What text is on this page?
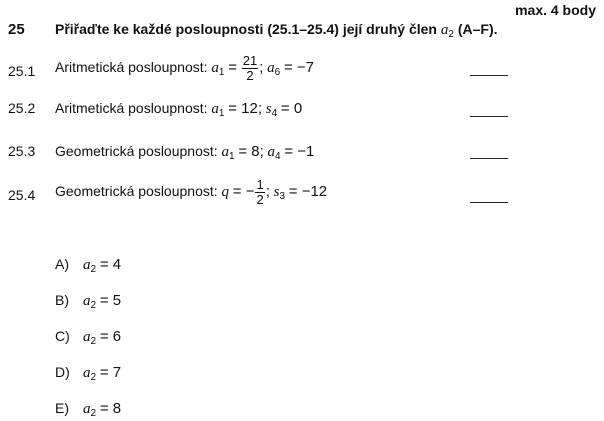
max. 4 body
25 Přiřaďte ke každé posloupnosti (25.1–25.4) její druhý člen $a_2$ (A–F).
25.1 Aritmetická posloupnost: $a_1 = \frac{21}{2}$ ; $a_6 = -7$
25.2 Aritmetická posloupnost: $a_1 = 12$; $s_4 = 0$
25.3 Geometrická posloupnost: $a_1 = 8$; $a_4 = -1$
25.4 Geometrická posloupnost: q = − $\frac{1}{2}$ ; $s_3 = -12$
A) $a_2 = 4$
B) $a_2 = 5$
C) $a_2 = 6$
D) $a_2 = 7$
E) $a_2 = 8$
